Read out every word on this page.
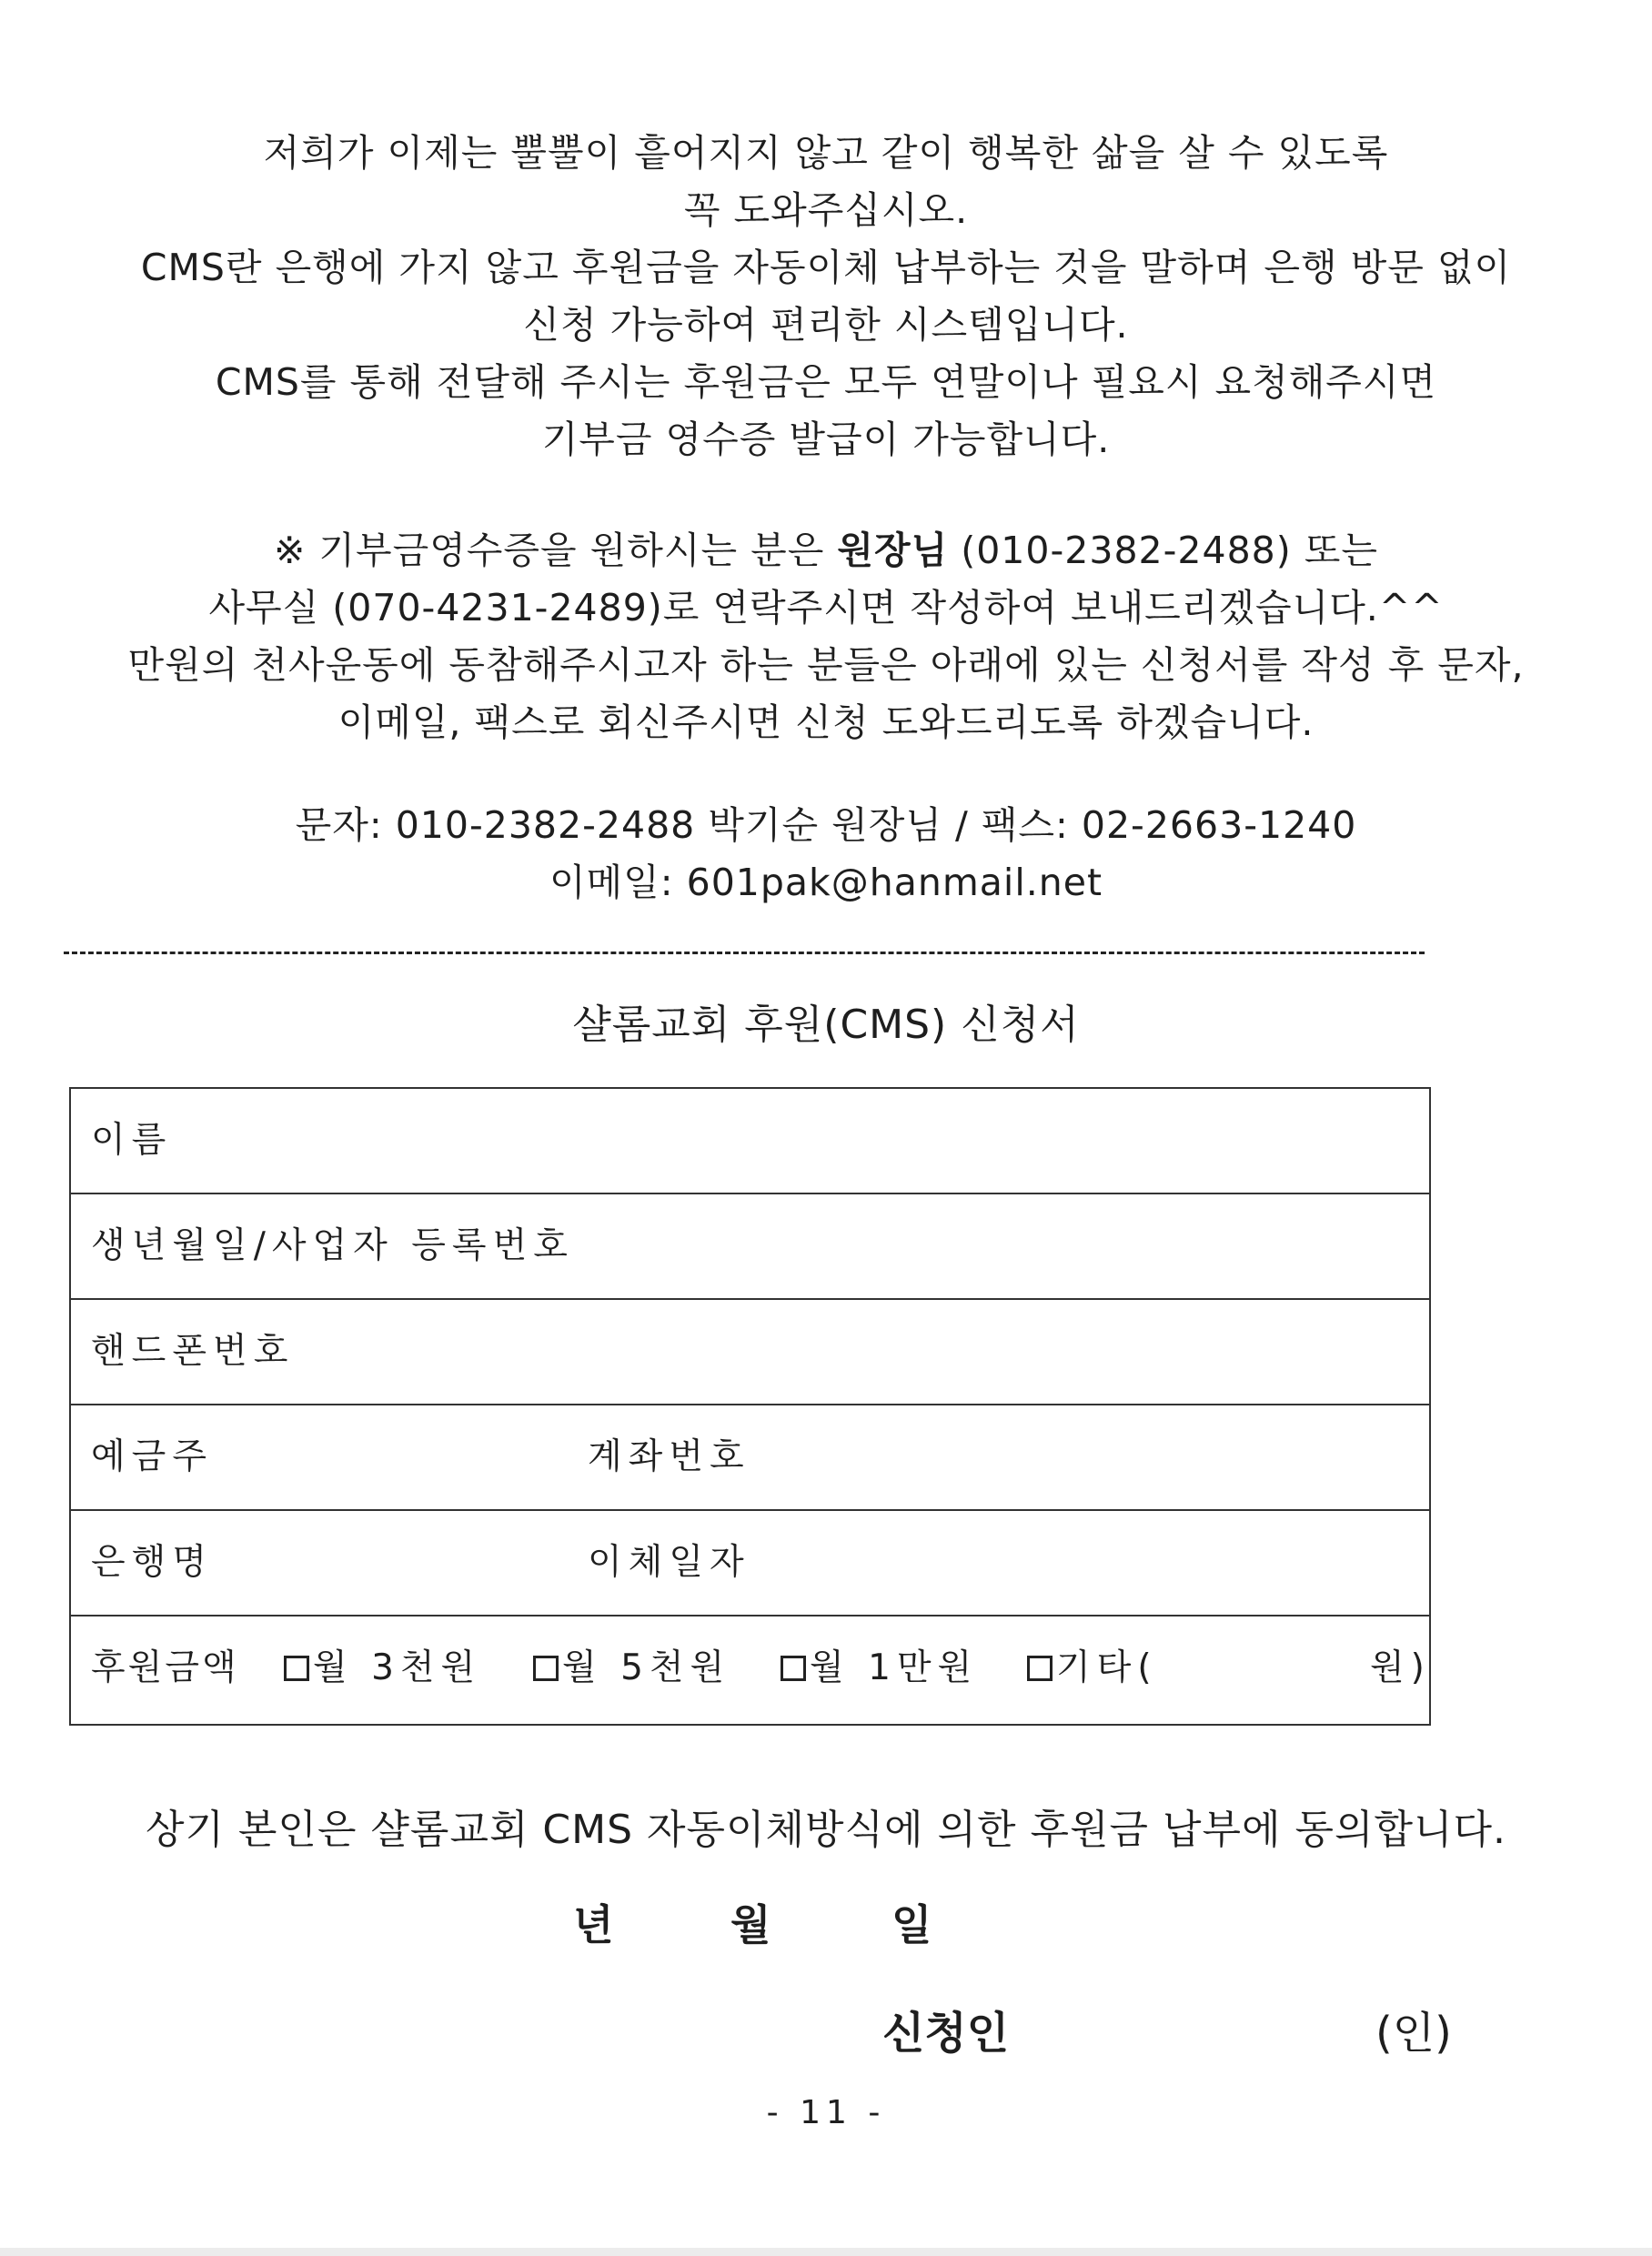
저희가 이제는 뿔뿔이 흩어지지 않고 같이 행복한 삶을 살 수 있도록
꼭 도와주십시오.
CMS란 은행에 가지 않고 후원금을 자동이체 납부하는 것을 말하며 은행 방문 없이
신청 가능하여 편리한 시스템입니다.
CMS를 통해 전달해 주시는 후원금은 모두 연말이나 필요시 요청해주시면
기부금 영수증 발급이 가능합니다.
※ 기부금영수증을 원하시는 분은 원장님 (010-2382-2488) 또는
사무실 (070-4231-2489)로 연락주시면 작성하여 보내드리겠습니다.^^
만원의 천사운동에 동참해주시고자 하는 분들은 아래에 있는 신청서를 작성 후 문자,
이메일, 팩스로 회신주시면 신청 도와드리도록 하겠습니다.
문자: 010-2382-2488 박기순 원장님 / 팩스: 02-2663-1240
이메일: 601pak@hanmail.net
샬롬교회 후원(CMS) 신청서
이름
생년월일/사업자 등록번호
핸드폰번호
예금주	계좌번호
은행명	이체일자
후원금액	월 3천원	월 5천원	월 1만원	기타(	원)
상기 본인은 샬롬교회 CMS 자동이체방식에 의한 후원금 납부에 동의합니다.
년	월	일
신청인	(인)
- 11 -
